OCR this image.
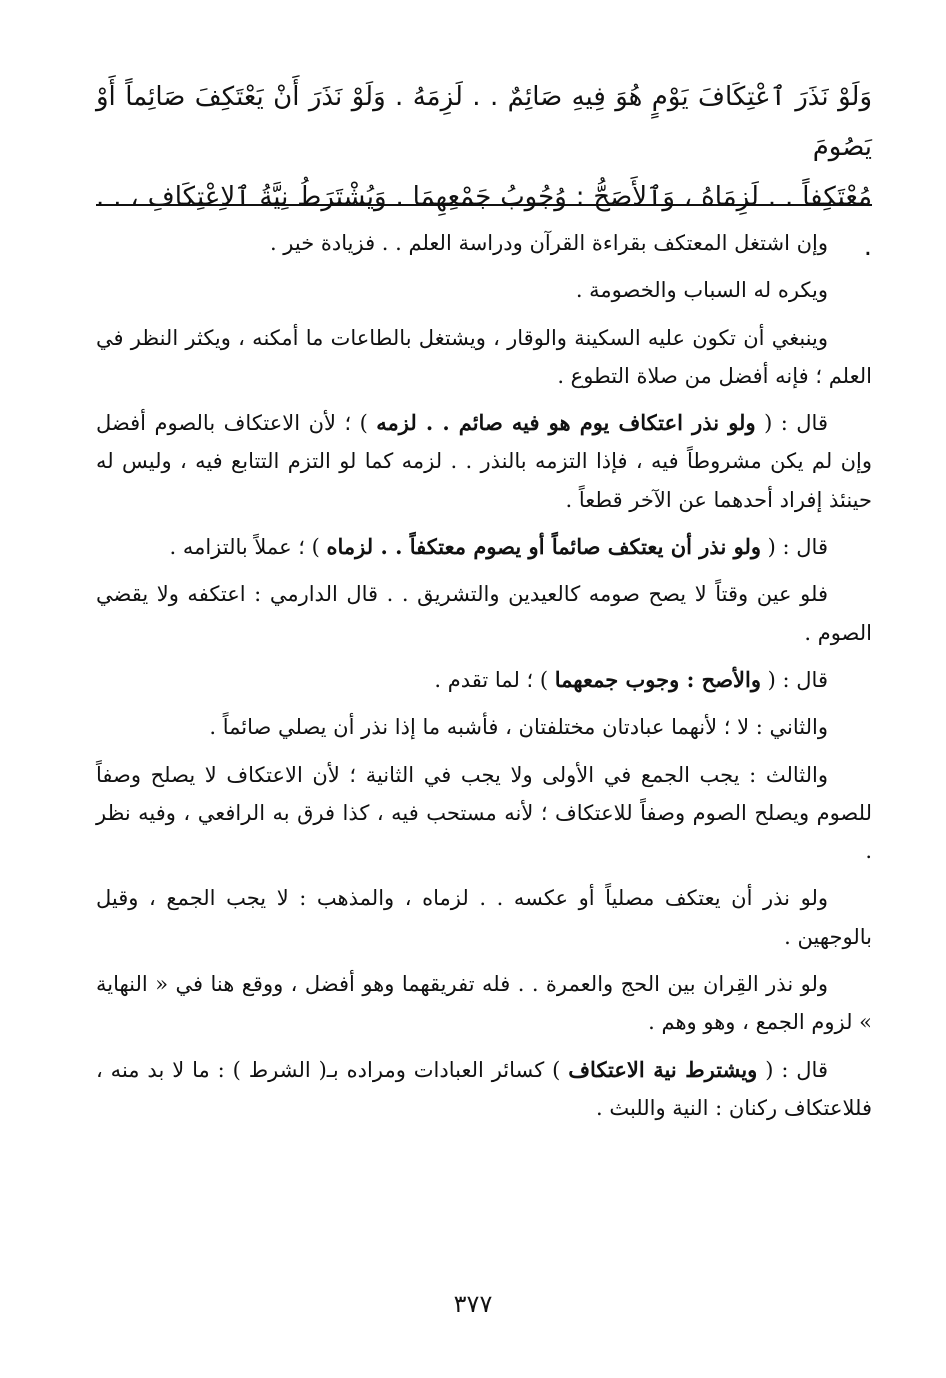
وَلَوْ نَذَرَ ٱعْتِكَافَ يَوْمٍ هُوَ فِيهِ صَائِمٌ . . لَزِمَهُ . وَلَوْ نَذَرَ أَنْ يَعْتَكِفَ صَائِماً أَوْ يَصُومَ

مُعْتَكِفاً . . لَزِمَاهُ ، وَٱلأَصَحُّ : وُجُوبُ جَمْعِهِمَا . وَيُشْتَرَطُ نِيَّةُ ٱلاِعْتِكَافِ ، . . .

وإن اشتغل المعتكف بقراءة القرآن ودراسة العلم . . فزيادة خير .

ويكره له السباب والخصومة .

وينبغي أن تكون عليه السكينة والوقار ، ويشتغل بالطاعات ما أمكنه ، ويكثر النظر في العلم ؛ فإنه أفضل من صلاة التطوع .

قال : ( ولو نذر اعتكاف يوم هو فيه صائم . . لزمه ) ؛ لأن الاعتكاف بالصوم أفضل وإن لم يكن مشروطاً فيه ، فإذا التزمه بالنذر . . لزمه كما لو التزم التتابع فيه ، وليس له حينئذ إفراد أحدهما عن الآخر قطعاً .

قال : ( ولو نذر أن يعتكف صائماً أو يصوم معتكفاً . . لزماه ) ؛ عملاً بالتزامه .

فلو عين وقتاً لا يصح صومه كالعيدين والتشريق . . قال الدارمي : اعتكفه ولا يقضي الصوم .

قال : ( والأصح : وجوب جمعهما ) ؛ لما تقدم .

والثاني : لا ؛ لأنهما عبادتان مختلفتان ، فأشبه ما إذا نذر أن يصلي صائماً .

والثالث : يجب الجمع في الأولى ولا يجب في الثانية ؛ لأن الاعتكاف لا يصلح وصفاً للصوم ويصلح الصوم وصفاً للاعتكاف ؛ لأنه مستحب فيه ، كذا فرق به الرافعي ، وفيه نظر .

ولو نذر أن يعتكف مصلياً أو عكسه . . لزماه ، والمذهب : لا يجب الجمع ، وقيل بالوجهين .

ولو نذر القِران بين الحج والعمرة . . فله تفريقهما وهو أفضل ، ووقع هنا في « النهاية » لزوم الجمع ، وهو وهم .

قال : ( ويشترط نية الاعتكاف ) كسائر العبادات ومراده بـ( الشرط ) : ما لا بد منه ، فللاعتكاف ركنان : النية واللبث .

٣٧٧
